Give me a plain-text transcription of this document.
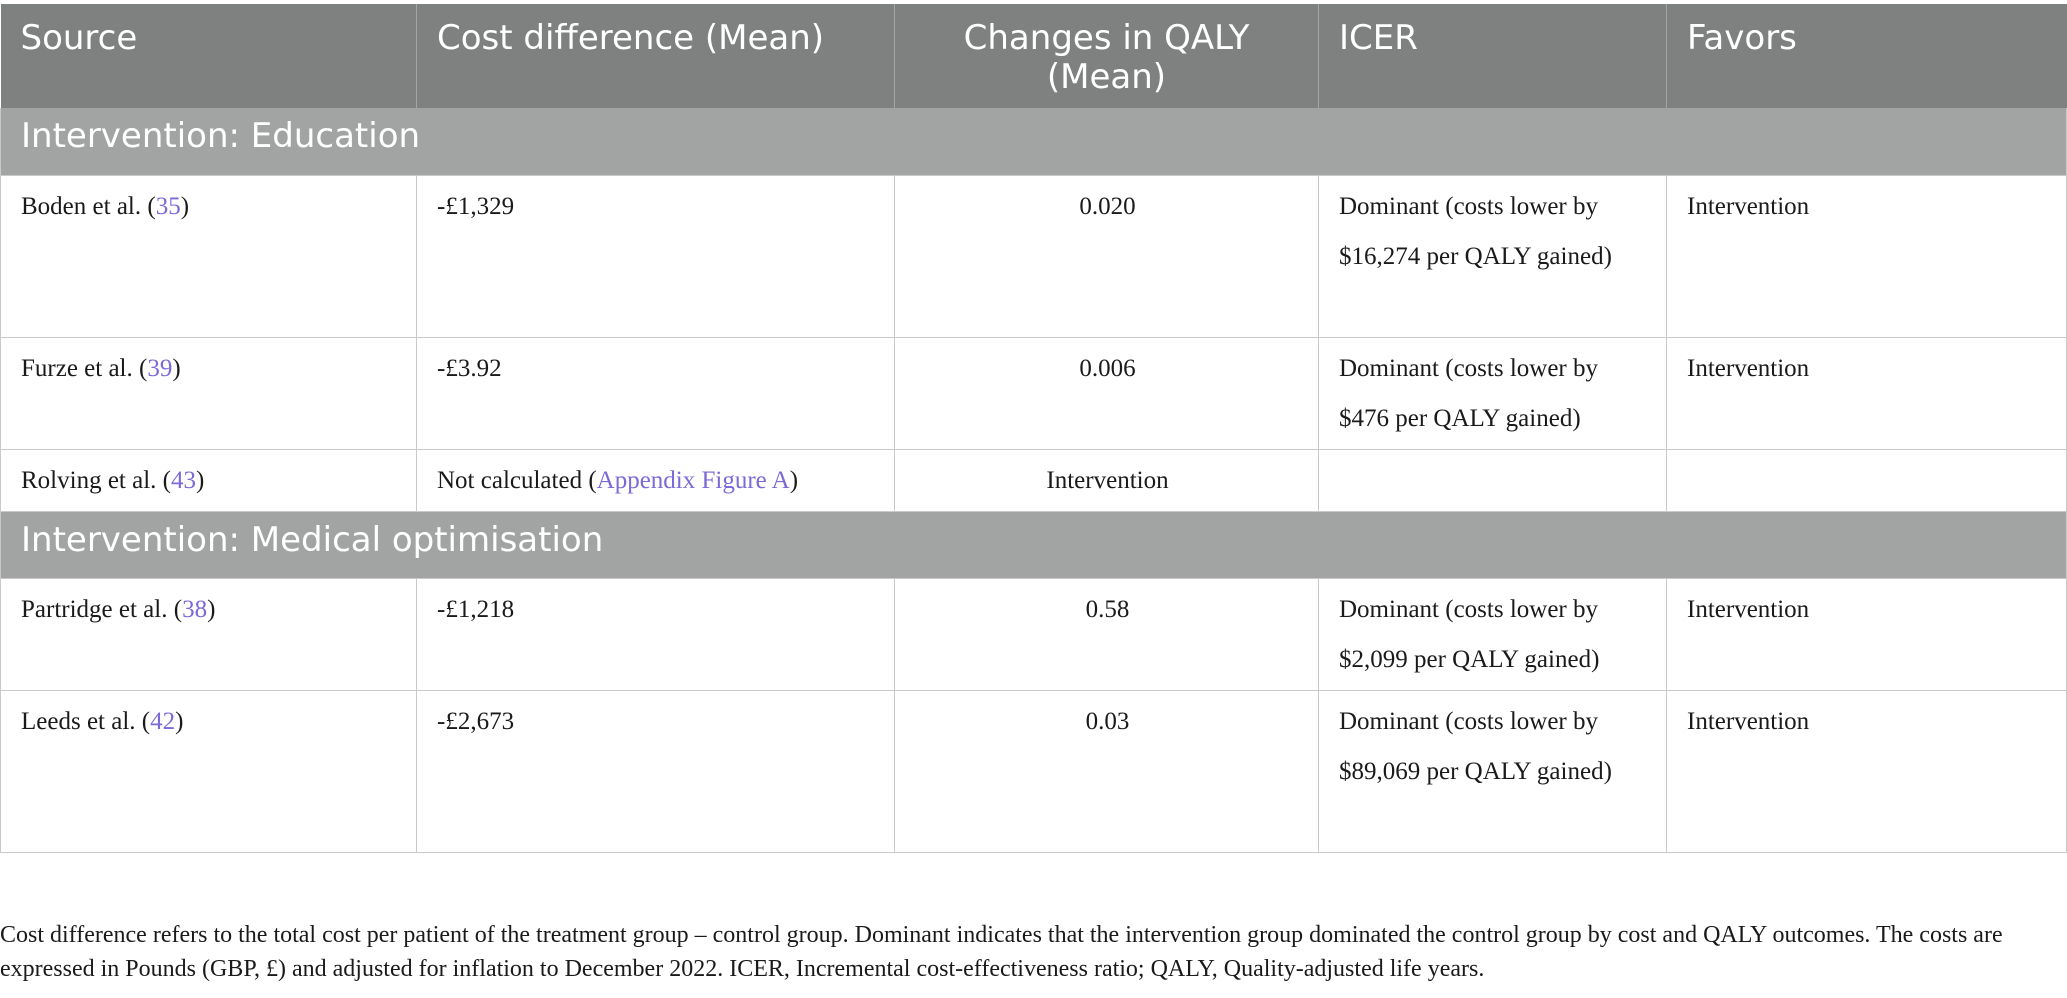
Source	Cost difference (Mean)	Changes in QALY (Mean)	ICER	Favors
Intervention: Education				
Boden et al. (35)	-£1,329	0.020	Dominant (costs lower by $16,274 per QALY gained)	Intervention
Furze et al. (39)	-£3.92	0.006	Dominant (costs lower by $476 per QALY gained)	Intervention
Rolving et al. (43)	Not calculated (Appendix Figure A)	Intervention		
Intervention: Medical optimisation				
Partridge et al. (38)	-£1,218	0.58	Dominant (costs lower by $2,099 per QALY gained)	Intervention
Leeds et al. (42)	-£2,673	0.03	Dominant (costs lower by $89,069 per QALY gained)	Intervention

Cost difference refers to the total cost per patient of the treatment group – control group. Dominant indicates that the intervention group dominated the control group by cost and QALY outcomes. The costs are expressed in Pounds (GBP, £) and adjusted for inflation to December 2022. ICER, Incremental cost-effectiveness ratio; QALY, Quality-adjusted life years.
